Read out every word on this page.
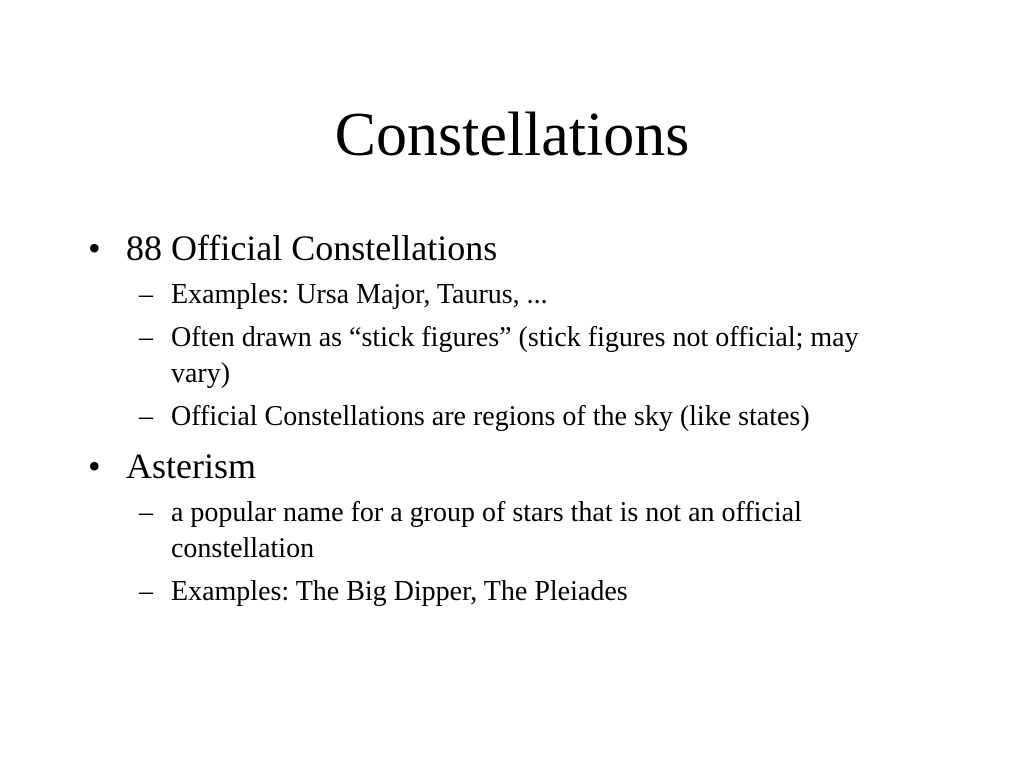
Constellations
• 88 Official Constellations
– Examples: Ursa Major, Taurus, ...
– Often drawn as “stick figures” (stick figures not official; may vary)
– Official Constellations are regions of the sky (like states)
• Asterism
– a popular name for a group of stars that is not an official constellation
– Examples: The Big Dipper, The Pleiades
